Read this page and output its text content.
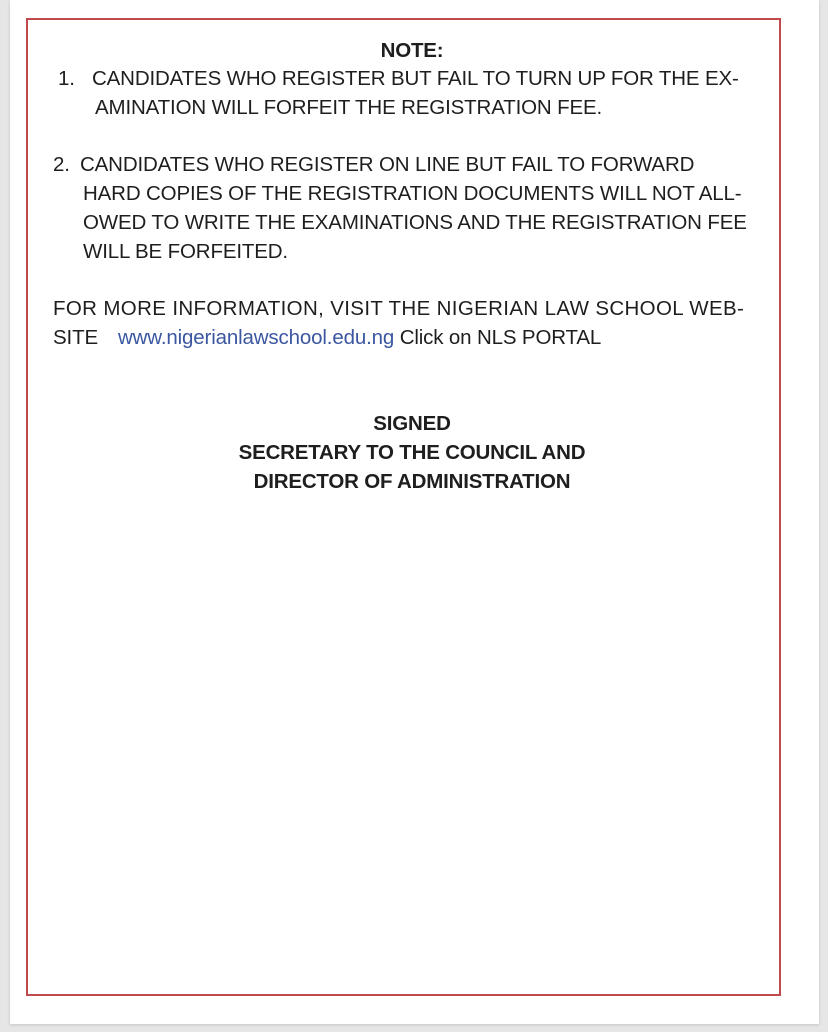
NOTE:
1. CANDIDATES WHO REGISTER BUT FAIL TO TURN UP FOR THE EX-
AMINATION WILL FORFEIT THE REGISTRATION FEE.
2. CANDIDATES WHO REGISTER ON LINE BUT FAIL TO FORWARD
HARD COPIES OF THE REGISTRATION DOCUMENTS WILL NOT ALL-
OWED TO WRITE THE EXAMINATIONS AND THE REGISTRATION FEE
WILL BE FORFEITED.
FOR MORE INFORMATION, VISIT THE NIGERIAN LAW SCHOOL WEB-
SITE www.nigerianlawschool.edu.ng Click on NLS PORTAL
SIGNED
SECRETARY TO THE COUNCIL AND
DIRECTOR OF ADMINISTRATION
